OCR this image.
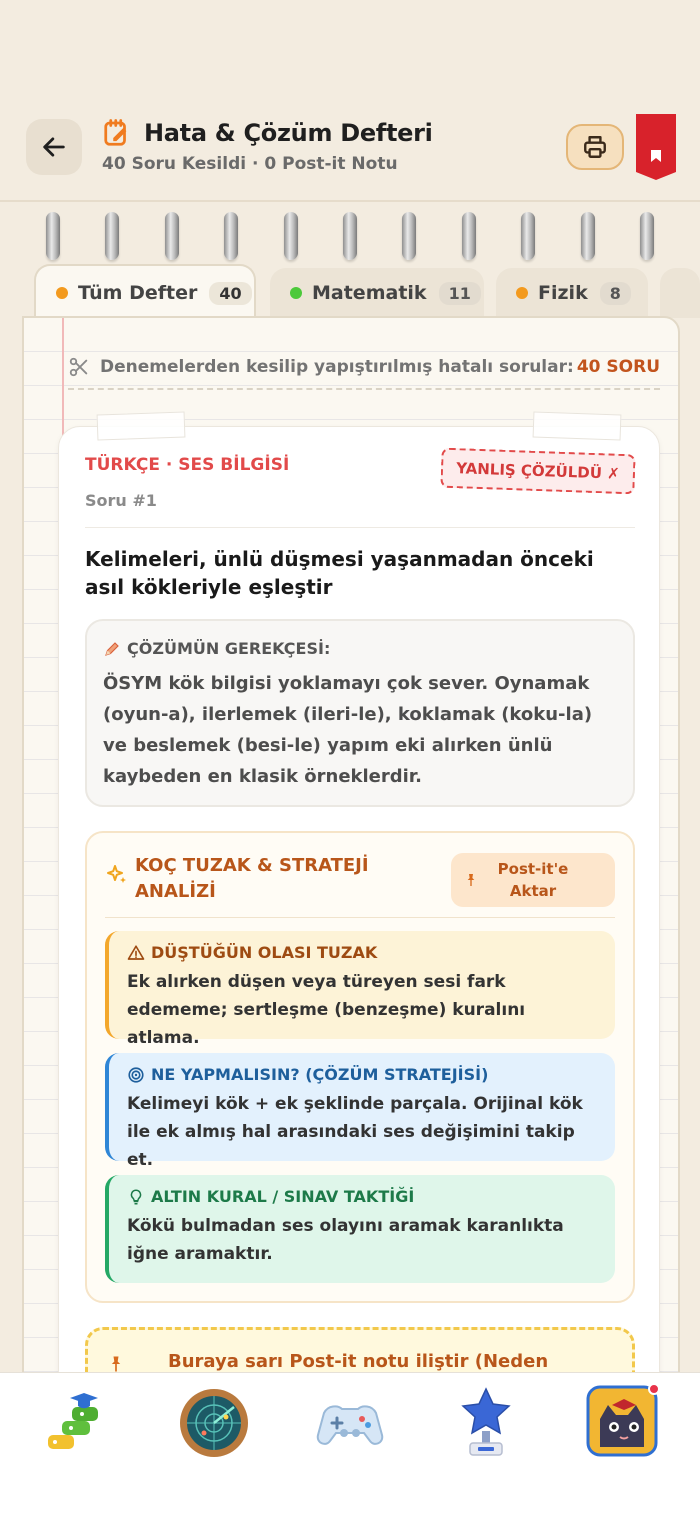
Hata & Çözüm Defteri
40 Soru Kesildi · 0 Post-it Notu
Tüm Defter	40	Matematik	11	Fizik	8
Denemelerden kesilip yapıştırılmış hatalı sorular: 40 SORU
TÜRKÇE · SES BİLGİSİ
Soru #1
YANLIŞ ÇÖZÜLDÜ ✗
Kelimeleri, ünlü düşmesi yaşanmadan önceki asıl kökleriyle eşleştir
ÇÖZÜMÜN GEREKÇESİ:
ÖSYM kök bilgisi yoklamayı çok sever. Oynamak (oyun-a), ilerlemek (ileri-le), koklamak (koku-la) ve beslemek (besi-le) yapım eki alırken ünlü kaybeden en klasik örneklerdir.
KOÇ TUZAK & STRATEJİ ANALİZİ
Post-it'e Aktar
DÜŞTÜĞÜN OLASI TUZAK
Ek alırken düşen veya türeyen sesi fark edememe; sertleşme (benzeşme) kuralını atlama.
NE YAPMALISIN? (ÇÖZÜM STRATEJİSİ)
Kelimeyi kök + ek şeklinde parçala. Orijinal kök ile ek almış hal arasındaki ses değişimini takip et.
ALTIN KURAL / SINAV TAKTİĞİ
Kökü bulmadan ses olayını aramak karanlıkta iğne aramaktır.
Buraya sarı Post-it notu iliştir (Neden
